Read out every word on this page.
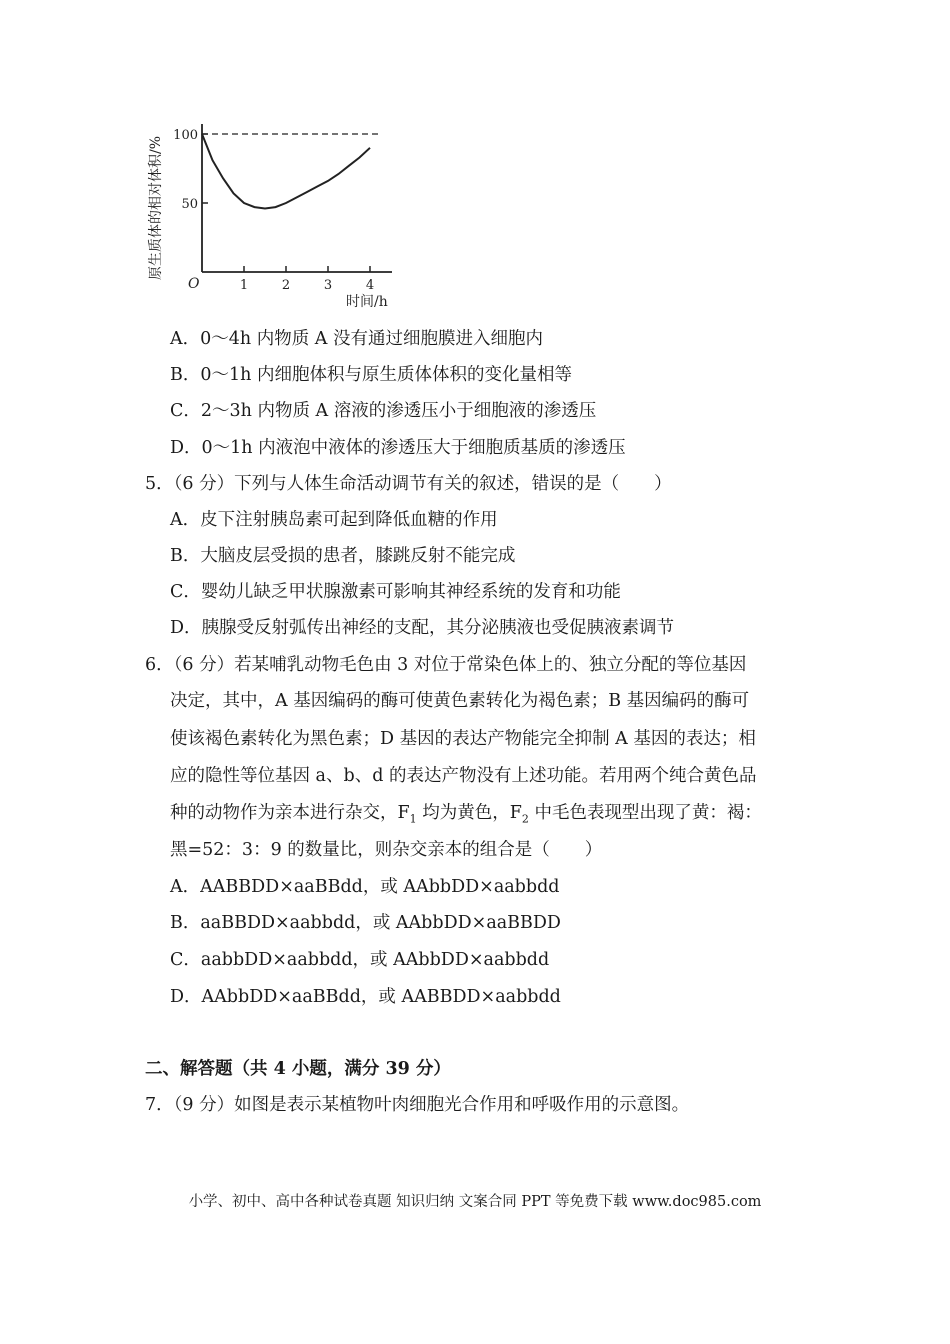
原生质体的相对体积/% 50
100
1	2	3	4
O
时间/h
A．0～4h 内物质 A 没有通过细胞膜进入细胞内
B．0～1h 内细胞体积与原生质体体积的变化量相等
C．2～3h 内物质 A 溶液的渗透压小于细胞液的渗透压
D．0～1h 内液泡中液体的渗透压大于细胞质基质的渗透压
5．（6 分）下列与人体生命活动调节有关的叙述，错误的是（　　）
A．皮下注射胰岛素可起到降低血糖的作用
B．大脑皮层受损的患者，膝跳反射不能完成
C．婴幼儿缺乏甲状腺激素可影响其神经系统的发育和功能
D．胰腺受反射弧传出神经的支配，其分泌胰液也受促胰液素调节
6．（6 分）若某哺乳动物毛色由 3 对位于常染色体上的、独立分配的等位基因
决定，其中，A 基因编码的酶可使黄色素转化为褐色素；B 基因编码的酶可
使该褐色素转化为黑色素；D 基因的表达产物能完全抑制 A 基因的表达；相
应的隐性等位基因 a、b、d 的表达产物没有上述功能。若用两个纯合黄色品
种的动物作为亲本进行杂交，$F_1$ 均为黄色，$F_2$ 中毛色表现型出现了黄：褐：
黑=52：3：9 的数量比，则杂交亲本的组合是（　　）
A．AABBDD×aaBBdd，或 AAbbDD×aabbdd
B．aaBBDD×aabbdd，或 AAbbDD×aaBBDD
C．aabbDD×aabbdd，或 AAbbDD×aabbdd
D．AAbbDD×aaBBdd，或 AABBDD×aabbdd
二、解答题（共 4 小题，满分 39 分）
7．（9 分）如图是表示某植物叶肉细胞光合作用和呼吸作用的示意图。
小学、初中、高中各种试卷真题 知识归纳 文案合同 PPT 等免费下载 www.doc985.com
